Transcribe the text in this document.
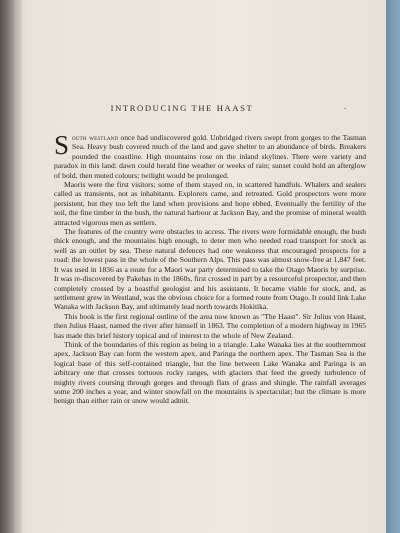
INTRODUCING THE HAAST	.

South westland once had undiscovered gold. Unbridged rivers swept from gorges to the Tasman Sea. Heavy bush covered much of the land and gave shelter to an abundance of birds. Breakers pounded the coastline. High mountains rose on the inland skylines. There were variety and paradox in this land: dawn could herald fine weather or weeks of rain; sunset could hold an afterglow of bold, then muted colours; twilight would be prolonged.

Maoris were the first visitors; some of them stayed on, in scattered handfuls. Whalers and sealers called as transients, not as inhabitants. Explorers came, and retreated. Gold prospectors were more persistent, but they too left the land when provisions and hope ebbed. Eventually the fertility of the soil, the fine timber in the bush, the natural harbour at Jackson Bay, and the promise of mineral wealth attracted vigorous men as settlers.

The features of the country were obstacles to access. The rivers were formidable enough, the bush thick enough, and the mountains high enough, to deter men who needed road transport for stock as well as an outlet by sea. These natural defences had one weakness that encouraged prospects for a road: the lowest pass in the whole of the Southern Alps. This pass was almost snow-free at 1,847 feet. It was used in 1836 as a route for a Maori war party determined to take the Otago Maoris by surprise. It was re-discovered by Pakehas in the 1860s, first crossed in part by a resourceful prospector, and then completely crossed by a boastful geologist and his assistants. It became viable for stock, and, as settlement grew in Westland, was the obvious choice for a formed route from Otago. It could link Lake Wanaka with Jackson Bay, and ultimately lead north towards Hokitika.

This book is the first regional outline of the area now known as "The Haast". Sir Julius von Haast, then Julius Haast, named the river after himself in 1863. The completion of a modern highway in 1965 has made this brief history topical and of interest to the whole of New Zealand.

Think of the boundaries of this region as being in a triangle. Lake Wanaka lies at the southernmost apex, Jackson Bay can form the western apex, and Paringa the northern apex. The Tasman Sea is the logical base of this self-contained triangle, but the line between Lake Wanaka and Paringa is an arbitrary one that crosses tortuous rocky ranges, with glaciers that feed the greedy turbulence of mighty rivers coursing through gorges and through flats of grass and shingle. The rainfall averages some 200 inches a year, and winter snowfall on the mountains is spectacular; but the climate is more benign than either rain or snow would admit.
